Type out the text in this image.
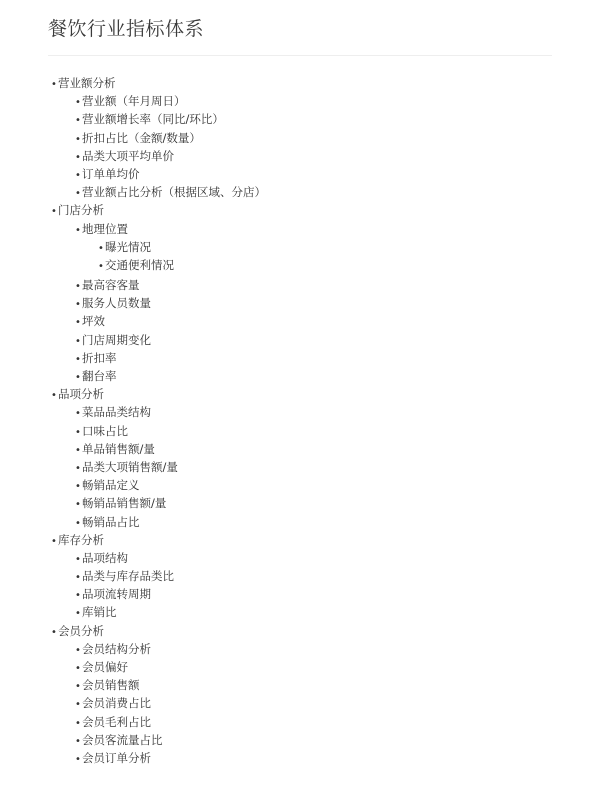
餐饮行业指标体系
•营业额分析
•营业额（年月周日）
•营业额增长率（同比/环比）
•折扣占比（金额/数量）
•品类大项平均单价
•订单单均价
•营业额占比分析（根据区域、分店）
•门店分析
•地理位置
•曝光情况
•交通便利情况
•最高容客量
•服务人员数量
•坪效
•门店周期变化
•折扣率
•翻台率
•品项分析
•菜品品类结构
•口味占比
•单品销售额/量
•品类大项销售额/量
•畅销品定义
•畅销品销售额/量
•畅销品占比
•库存分析
•品项结构
•品类与库存品类比
•品项流转周期
•库销比
•会员分析
•会员结构分析
•会员偏好
•会员销售额
•会员消费占比
•会员毛利占比
•会员客流量占比
•会员订单分析
